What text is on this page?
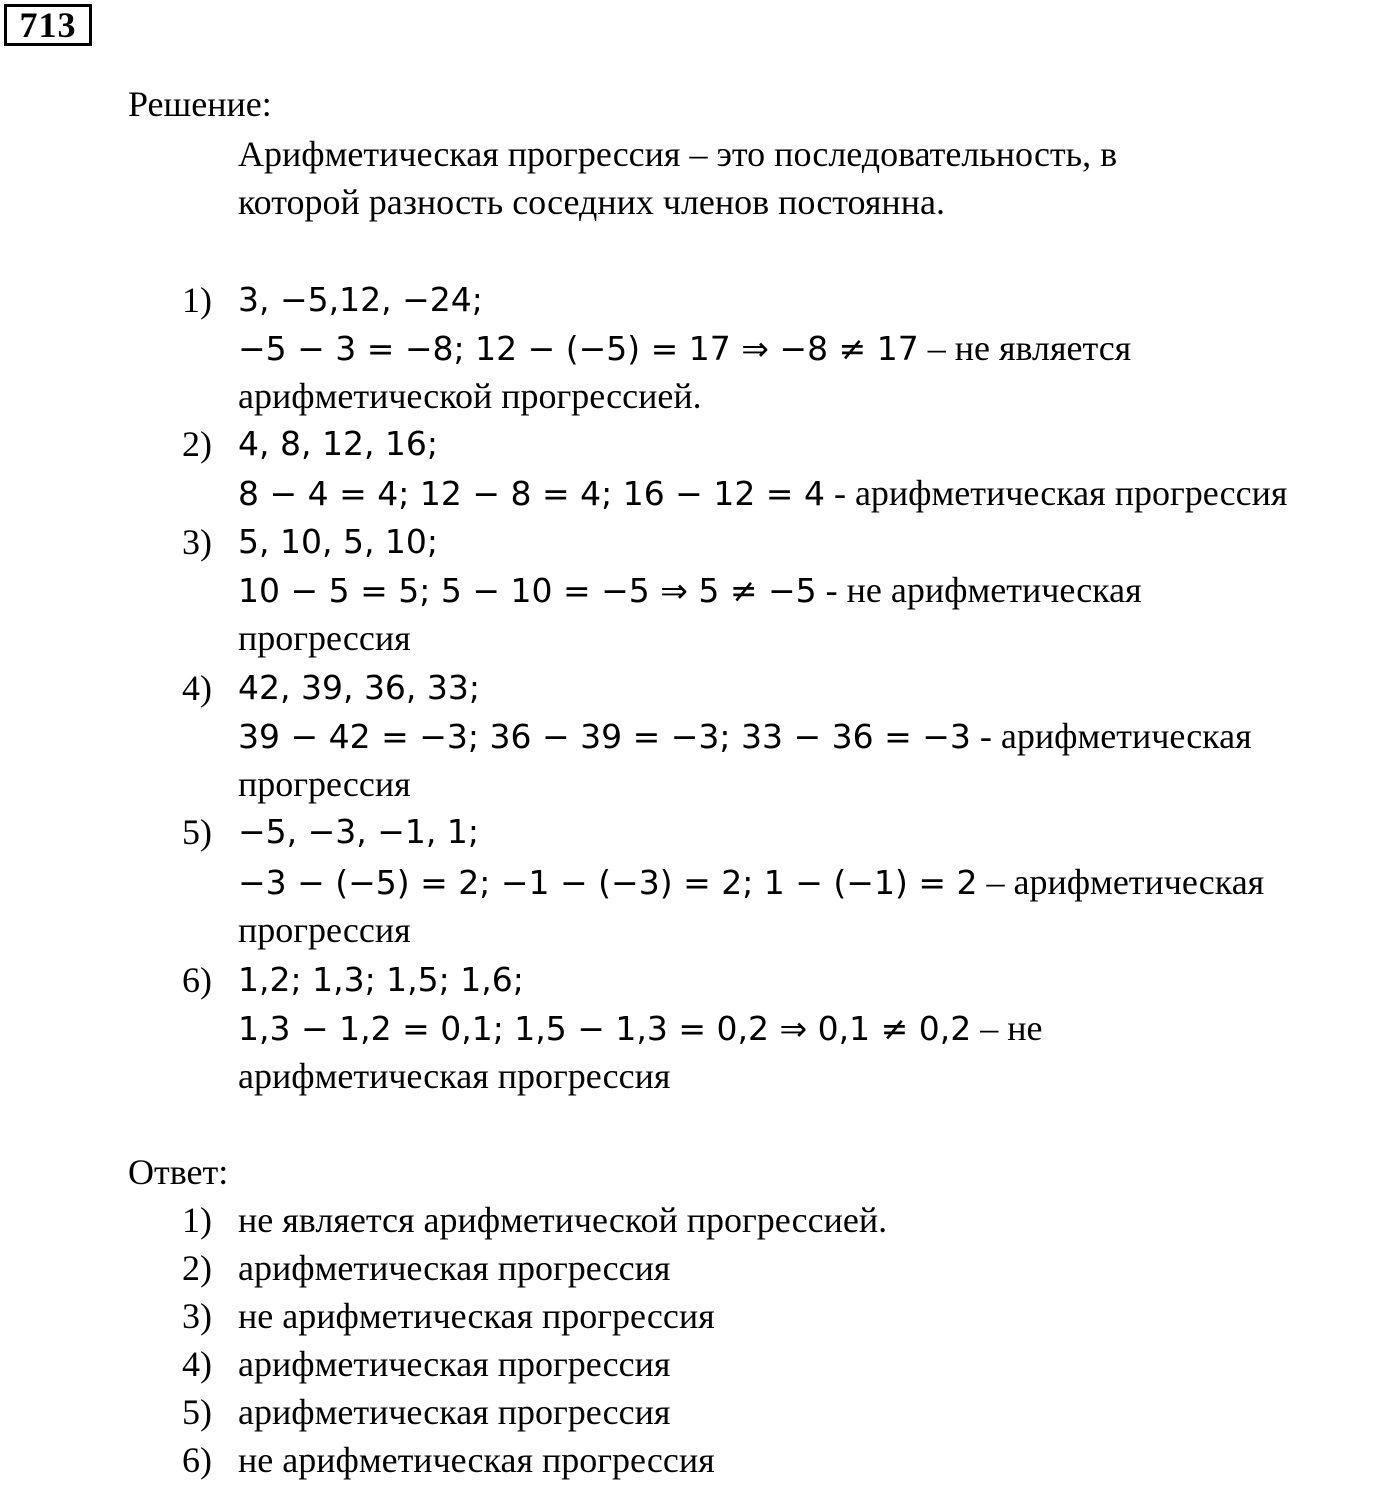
713
Решение:
Арифметическая прогрессия – это последовательность, в
которой разность соседних членов постоянна.
1) 3, −5,12, −24;
−5 − 3 = −8; 12 − (−5) = 17 ⇒ −8 ≠ 17 – не является
арифметической прогрессией.
2) 4, 8, 12, 16;
8 − 4 = 4; 12 − 8 = 4; 16 − 12 = 4 - арифметическая прогрессия
3) 5, 10, 5, 10;
10 − 5 = 5; 5 − 10 = −5 ⇒ 5 ≠ −5 - не арифметическая
прогрессия
4) 42, 39, 36, 33;
39 − 42 = −3; 36 − 39 = −3; 33 − 36 = −3 - арифметическая
прогрессия
5) −5, −3, −1, 1;
−3 − (−5) = 2; −1 − (−3) = 2; 1 − (−1) = 2 – арифметическая
прогрессия
6) 1,2; 1,3; 1,5; 1,6;
1,3 − 1,2 = 0,1; 1,5 − 1,3 = 0,2 ⇒ 0,1 ≠ 0,2 – не
арифметическая прогрессия
Ответ:
1) не является арифметической прогрессией.
2) арифметическая прогрессия
3) не арифметическая прогрессия
4) арифметическая прогрессия
5) арифметическая прогрессия
6) не арифметическая прогрессия
